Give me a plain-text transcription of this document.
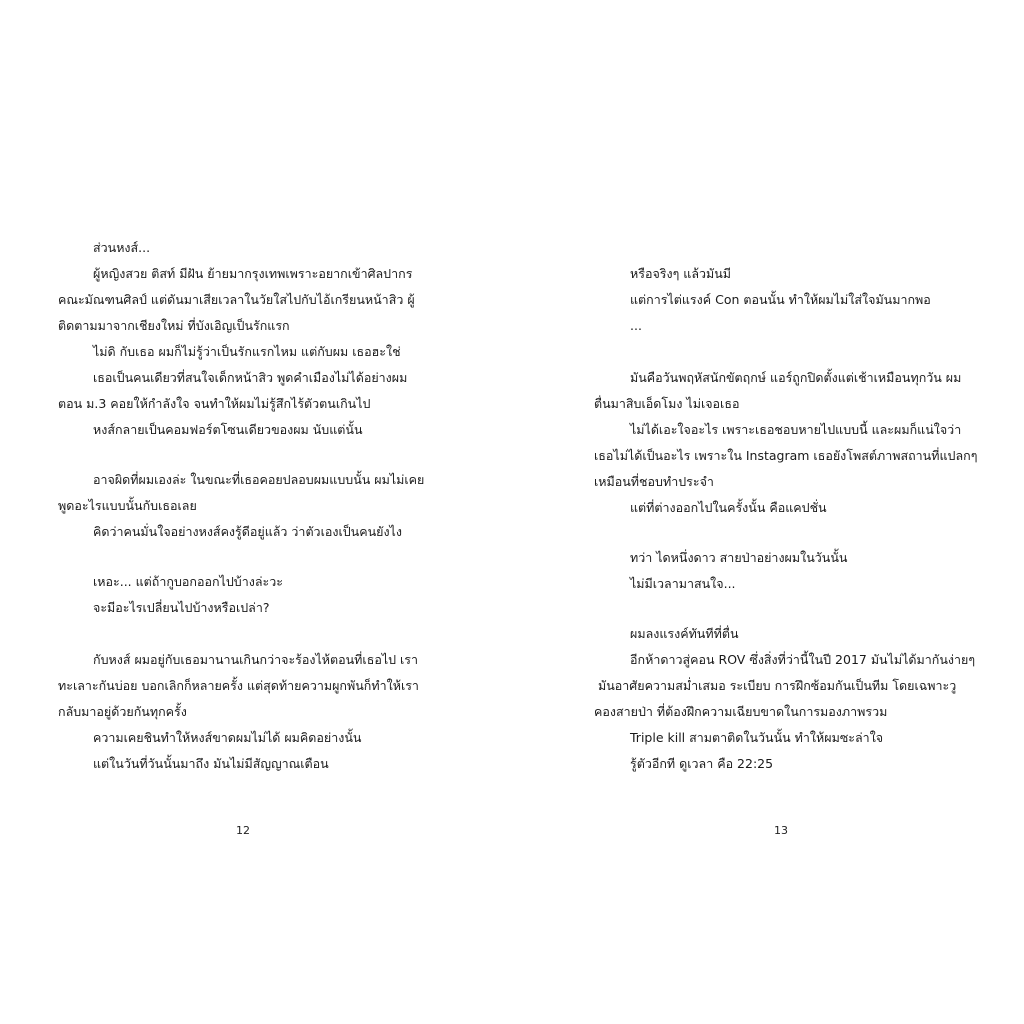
ส่วนหงส์...
ผู้หญิงสวย ติสท์ มีฝัน ย้ายมากรุงเทพเพราะอยากเข้าศิลปากร
คณะมัณฑนศิลป์ แต่ดันมาเสียเวลาในวัยใสไปกับไอ้เกรียนหน้าสิว ผู้
ติดตามมาจากเชียงใหม่ ที่บังเอิญเป็นรักแรก
ไม่ดิ กับเธอ ผมก็ไม่รู้ว่าเป็นรักแรกไหม แต่กับผม เธอฮะใช่
เธอเป็นคนเดียวที่สนใจเด็กหน้าสิว พูดคำเมืองไม่ได้อย่างผม
ตอน ม.3 คอยให้กำลังใจ จนทำให้ผมไม่รู้สึกไร้ตัวตนเกินไป
หงส์กลายเป็นคอมฟอร์ตโซนเดียวของผม นับแต่นั้น
อาจผิดที่ผมเองล่ะ ในขณะที่เธอคอยปลอบผมแบบนั้น ผมไม่เคย
พูดอะไรแบบนั้นกับเธอเลย
คิดว่าคนมั่นใจอย่างหงส์คงรู้ดีอยู่แล้ว ว่าตัวเองเป็นคนยังไง
เหอะ... แต่ถ้ากูบอกออกไปบ้างล่ะวะ
จะมีอะไรเปลี่ยนไปบ้างหรือเปล่า?
กับหงส์ ผมอยู่กับเธอมานานเกินกว่าจะร้องไห้ตอนที่เธอไป เรา
ทะเลาะกันบ่อย บอกเลิกก็หลายครั้ง แต่สุดท้ายความผูกพันก็ทำให้เรา
กลับมาอยู่ด้วยกันทุกครั้ง
ความเคยชินทำให้หงส์ขาดผมไม่ได้ ผมคิดอย่างนั้น
แต่ในวันที่วันนั้นมาถึง มันไม่มีสัญญาณเตือน
12
หรือจริงๆ แล้วมันมี
แต่การไต่แรงค์ Con ตอนนั้น ทำให้ผมไม่ใส่ใจมันมากพอ
...
มันคือวันพฤหัสนักขัตฤกษ์ แอร์ถูกปิดตั้งแต่เช้าเหมือนทุกวัน ผม
ตื่นมาสิบเอ็ดโมง ไม่เจอเธอ
ไม่ได้เอะใจอะไร เพราะเธอชอบหายไปแบบนี้ และผมก็แน่ใจว่า
เธอไม่ได้เป็นอะไร เพราะใน Instagram เธอยังโพสต์ภาพสถานที่แปลกๆ
เหมือนที่ชอบทำประจำ
แต่ที่ต่างออกไปในครั้งนั้น คือแคปชั่น
ทว่า ไดหนึ่งดาว สายป่าอย่างผมในวันนั้น
ไม่มีเวลามาสนใจ...
ผมลงแรงค์ทันทีที่ตื่น
อีกห้าดาวสู่คอน ROV ซึ่งสิ่งที่ว่านี้ในปี 2017 มันไม่ได้มากันง่ายๆ
มันอาศัยความสม่ำเสมอ ระเบียบ การฝึกซ้อมกันเป็นทีม โดยเฉพาะวู
คองสายป่า ที่ต้องฝึกความเฉียบขาดในการมองภาพรวม
Triple kill สามตาติดในวันนั้น ทำให้ผมซะล่าใจ
รู้ตัวอีกที ดูเวลา คือ 22:25
13
